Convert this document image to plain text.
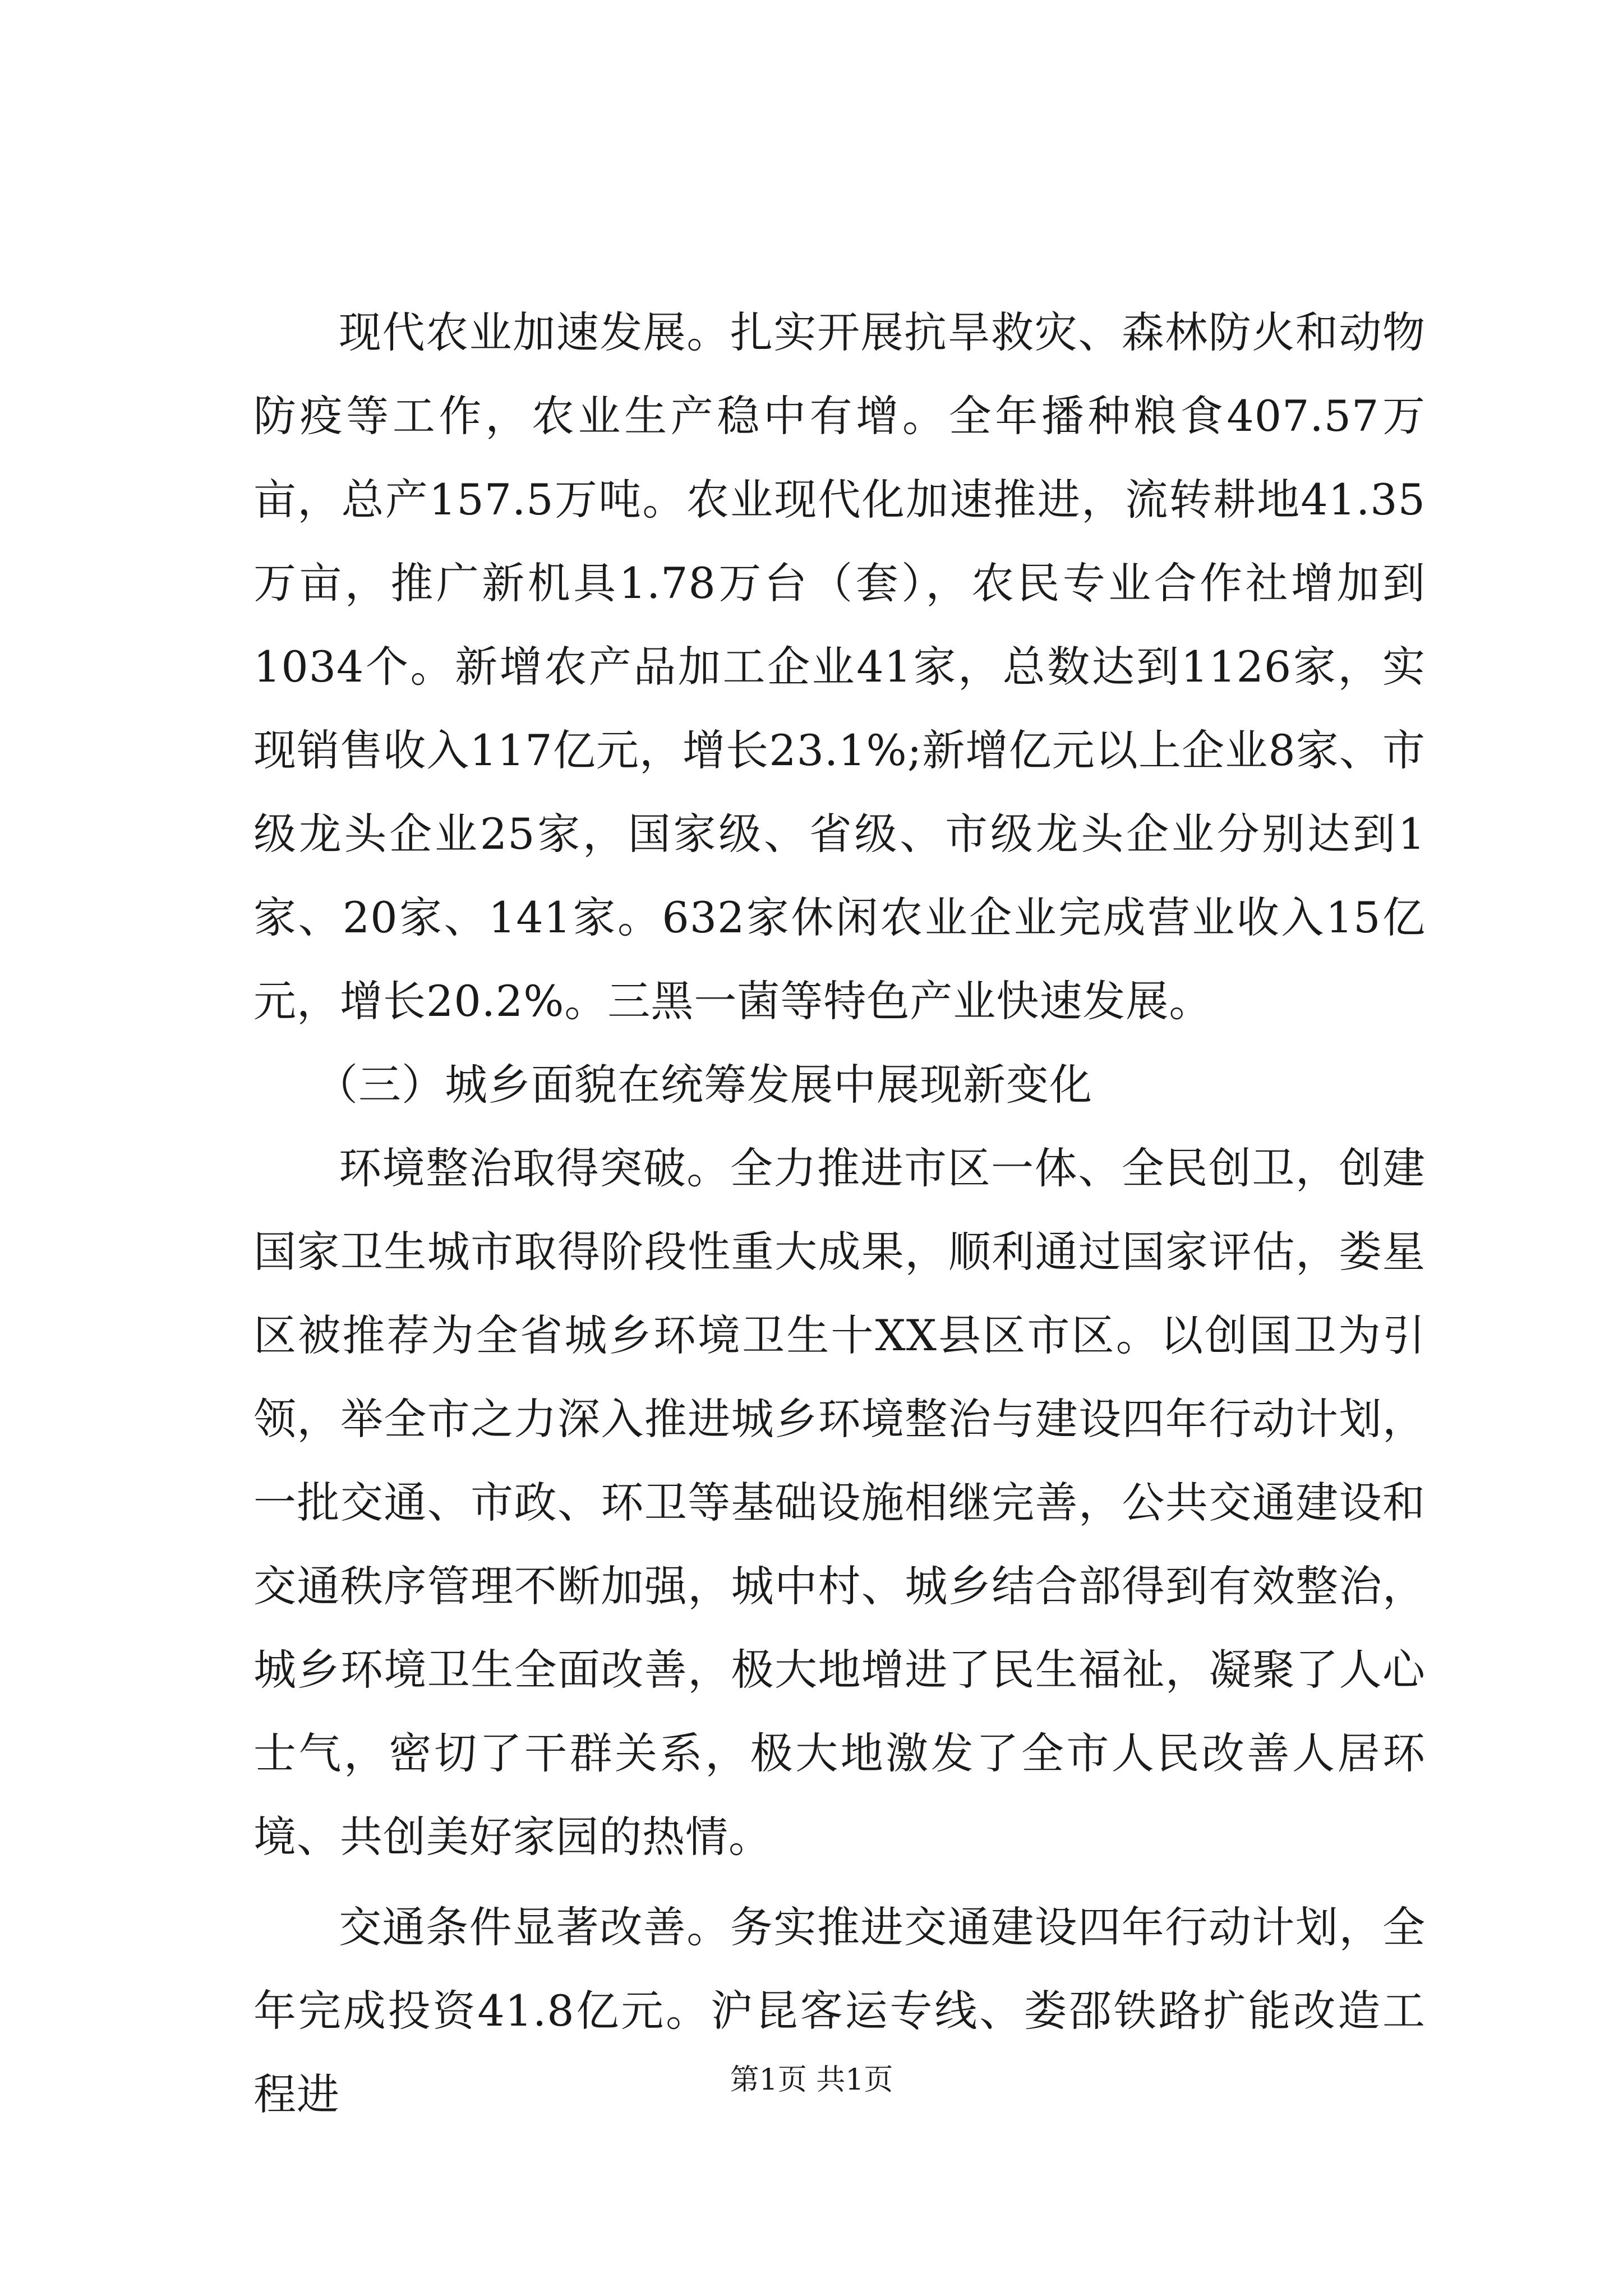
现代农业加速发展。扎实开展抗旱救灾、森林防火和动物防疫等工作，农业生产稳中有增。全年播种粮食407.57万亩，总产157.5万吨。农业现代化加速推进，流转耕地41.35万亩，推广新机具1.78万台（套），农民专业合作社增加到1034个。新增农产品加工企业41家，总数达到1126家，实现销售收入117亿元，增长23.1%;新增亿元以上企业8家、市级龙头企业25家，国家级、省级、市级龙头企业分别达到1家、20家、141家。632家休闲农业企业完成营业收入15亿元，增长20.2%。三黑一菌等特色产业快速发展。

（三）城乡面貌在统筹发展中展现新变化

环境整治取得突破。全力推进市区一体、全民创卫，创建国家卫生城市取得阶段性重大成果，顺利通过国家评估，娄星区被推荐为全省城乡环境卫生十XX县区市区。以创国卫为引领，举全市之力深入推进城乡环境整治与建设四年行动计划，一批交通、市政、环卫等基础设施相继完善，公共交通建设和交通秩序管理不断加强，城中村、城乡结合部得到有效整治，城乡环境卫生全面改善，极大地增进了民生福祉，凝聚了人心士气，密切了干群关系，极大地激发了全市人民改善人居环境、共创美好家园的热情。

交通条件显著改善。务实推进交通建设四年行动计划，全年完成投资41.8亿元。沪昆客运专线、娄邵铁路扩能改造工程进	第1页 共1页
